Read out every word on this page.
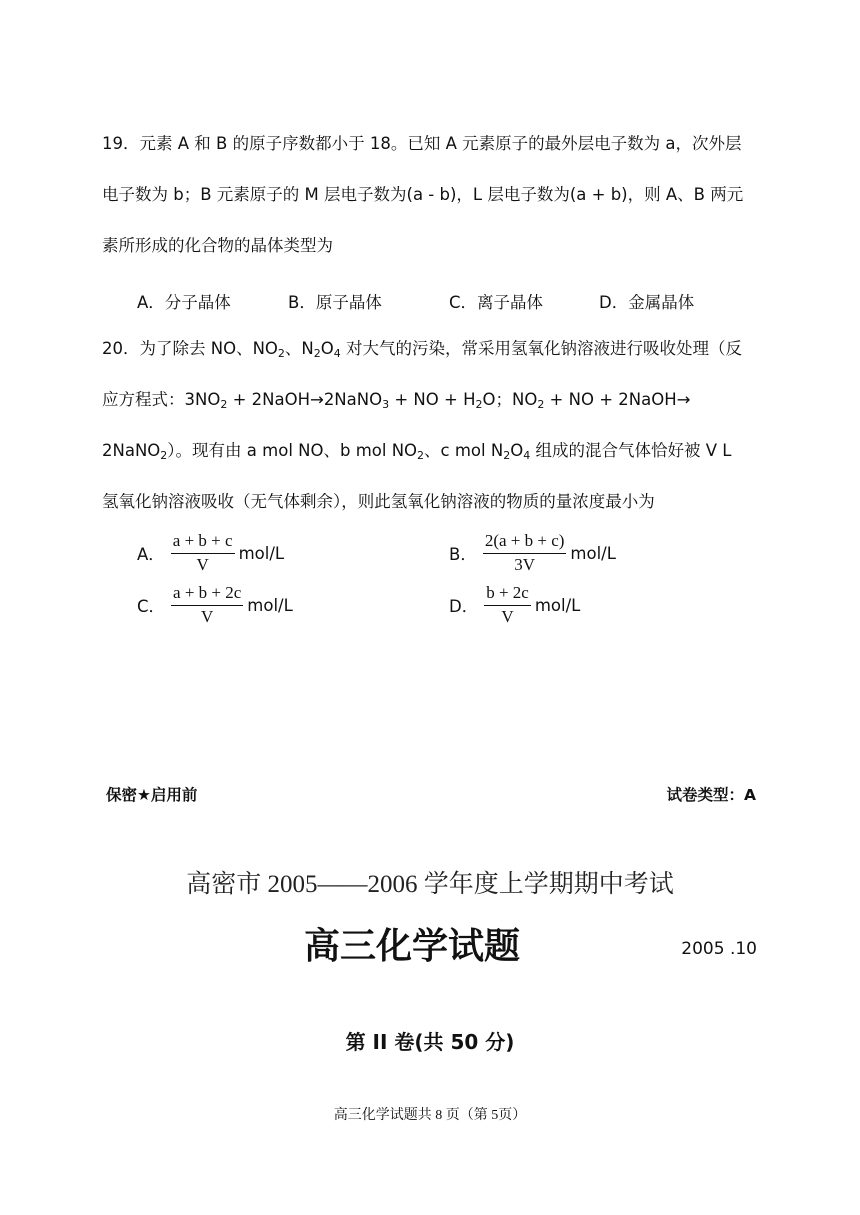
19．元素 A 和 B 的原子序数都小于 18。已知 A 元素原子的最外层电子数为 a，次外层
电子数为 b；B 元素原子的 M 层电子数为(a - b)，L 层电子数为(a + b)，则 A、B 两元
素所形成的化合物的晶体类型为
A．分子晶体	B．原子晶体	C．离子晶体	D．金属晶体
20．为了除去 NO、$NO_2$、$N_2O_4$ 对大气的污染，常采用氢氧化钠溶液进行吸收处理（反
应方程式：$3NO_2$ + 2NaOH→2NaNO$_3$ + NO + $H_2O$；$NO_2$ + NO + 2NaOH→
2NaNO$_2$）。现有由 a mol NO、b mol $NO_2$、c mol $N_2O_4$ 组成的混合气体恰好被 V L
氢氧化钠溶液吸收（无气体剩余），则此氢氧化钠溶液的物质的量浓度最小为
A． $\frac{a + b + c}{V} mol/L$	B． $\frac{2(a + b + c)}{3V} mol/L$
C． $\frac{a + b + 2c}{V} mol/L$	D． $\frac{b + 2c}{V} mol/L$
保密★启用前	试卷类型：A
高密市 2005——2006 学年度上学期期中考试
高三化学试题	2005 .10
第 II 卷(共 50 分)
高三化学试题共 8 页（第 5页）
